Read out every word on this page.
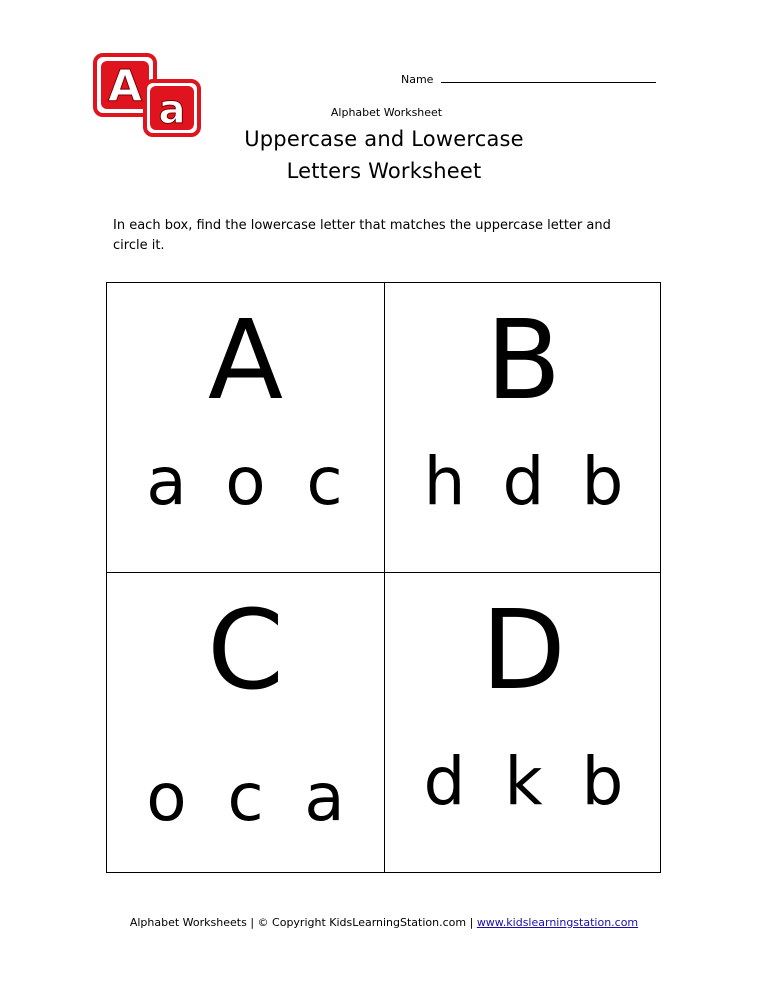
A a
Name
Alphabet Worksheet
Uppercase and Lowercase
Letters Worksheet
In each box, find the lowercase letter that matches the uppercase letter and circle it.
A
a o c
B
h d b
C
o c a
D
d k b
Alphabet Worksheets | © Copyright KidsLearningStation.com | www.kidslearningstation.com
